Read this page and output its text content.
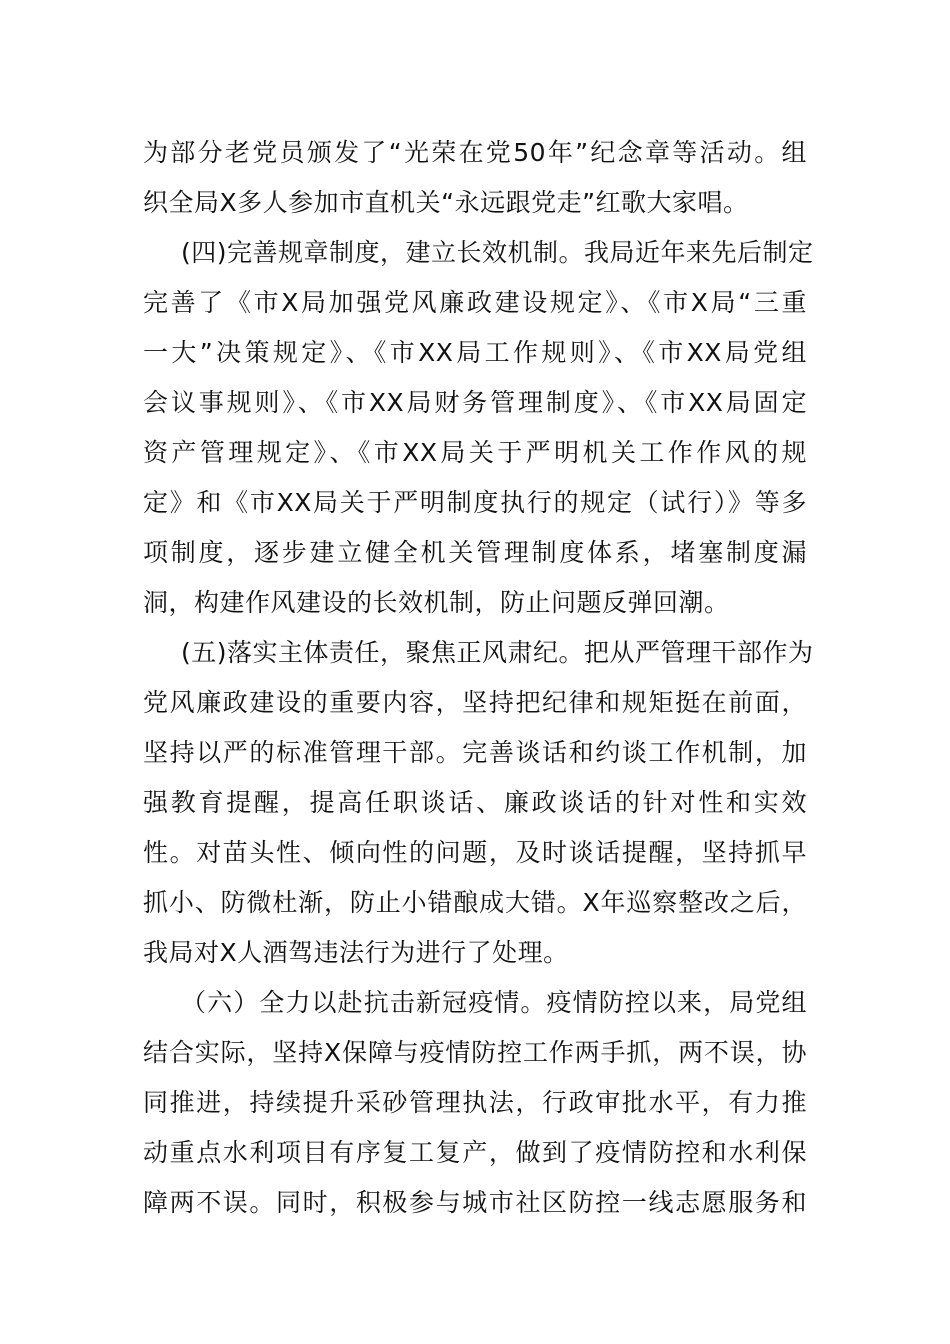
为部分老党员颁发了“光荣在党50年”纪念章等活动。组
织全局X多人参加市直机关“永远跟党走”红歌大家唱。
(四)完善规章制度，建立长效机制。我局近年来先后制定
完善了《市X局加强党风廉政建设规定》、《市X局“三重
一大”决策规定》、《市XX局工作规则》、《市XX局党组
会议事规则》、《市XX局财务管理制度》、《市XX局固定
资产管理规定》、《市XX局关于严明机关工作作风的规
定》和《市XX局关于严明制度执行的规定（试行）》等多
项制度，逐步建立健全机关管理制度体系，堵塞制度漏
洞，构建作风建设的长效机制，防止问题反弹回潮。
(五)落实主体责任，聚焦正风肃纪。把从严管理干部作为
党风廉政建设的重要内容，坚持把纪律和规矩挺在前面，
坚持以严的标准管理干部。完善谈话和约谈工作机制，加
强教育提醒，提高任职谈话、廉政谈话的针对性和实效
性。对苗头性、倾向性的问题，及时谈话提醒，坚持抓早
抓小、防微杜渐，防止小错酿成大错。X年巡察整改之后，
我局对X人酒驾违法行为进行了处理。
（六）全力以赴抗击新冠疫情。疫情防控以来，局党组
结合实际，坚持X保障与疫情防控工作两手抓，两不误，协
同推进，持续提升采砂管理执法，行政审批水平，有力推
动重点水利项目有序复工复产，做到了疫情防控和水利保
障两不误。同时，积极参与城市社区防控一线志愿服务和
